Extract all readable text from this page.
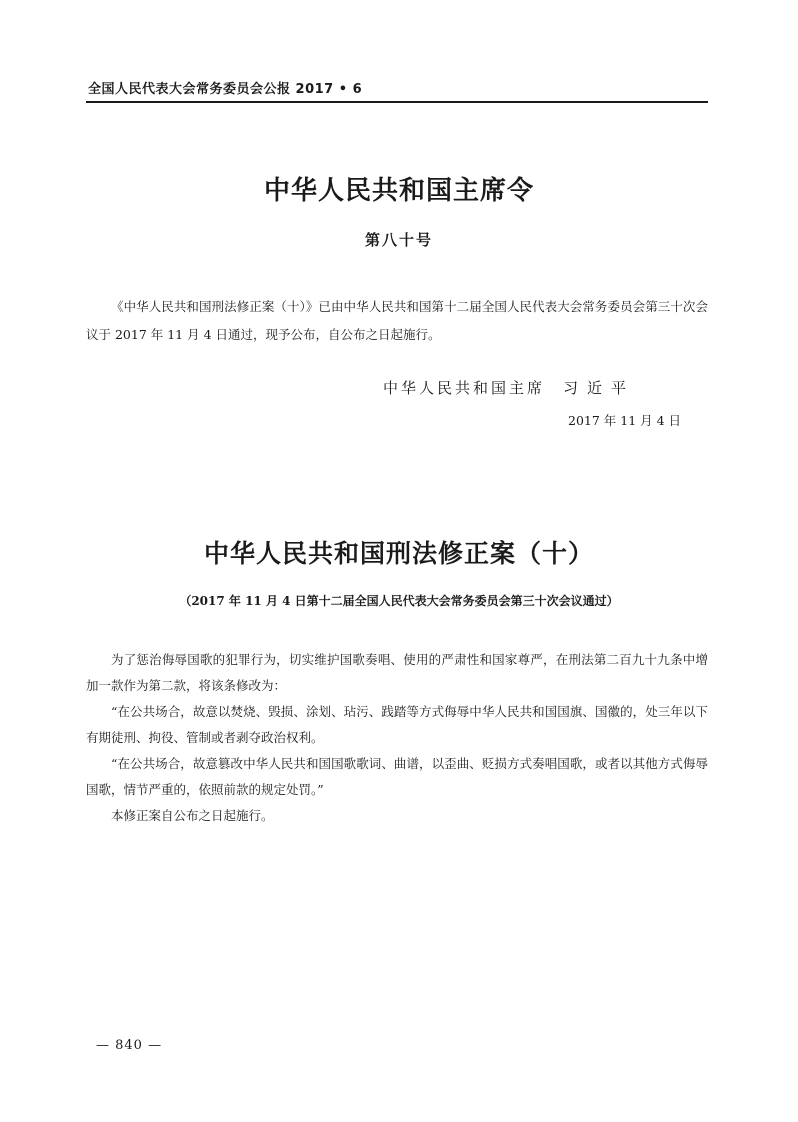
全国人民代表大会常务委员会公报 2017 • 6
中华人民共和国主席令
第八十号
《中华人民共和国刑法修正案（十）》已由中华人民共和国第十二届全国人民代表大会常务委员会第三十次会议于 2017 年 11 月 4 日通过，现予公布，自公布之日起施行。
中华人民共和国主席 习近平
2017 年 11 月 4 日
中华人民共和国刑法修正案（十）
（2017 年 11 月 4 日第十二届全国人民代表大会常务委员会第三十次会议通过）

为了惩治侮辱国歌的犯罪行为，切实维护国歌奏唱、使用的严肃性和国家尊严，在刑法第二百九十九条中增加一款作为第二款，将该条修改为：

“在公共场合，故意以焚烧、毁损、涂划、玷污、践踏等方式侮辱中华人民共和国国旗、国徽的，处三年以下有期徒刑、拘役、管制或者剥夺政治权利。

“在公共场合，故意篡改中华人民共和国国歌歌词、曲谱，以歪曲、贬损方式奏唱国歌，或者以其他方式侮辱国歌，情节严重的，依照前款的规定处罚。”

本修正案自公布之日起施行。

— 840 —
